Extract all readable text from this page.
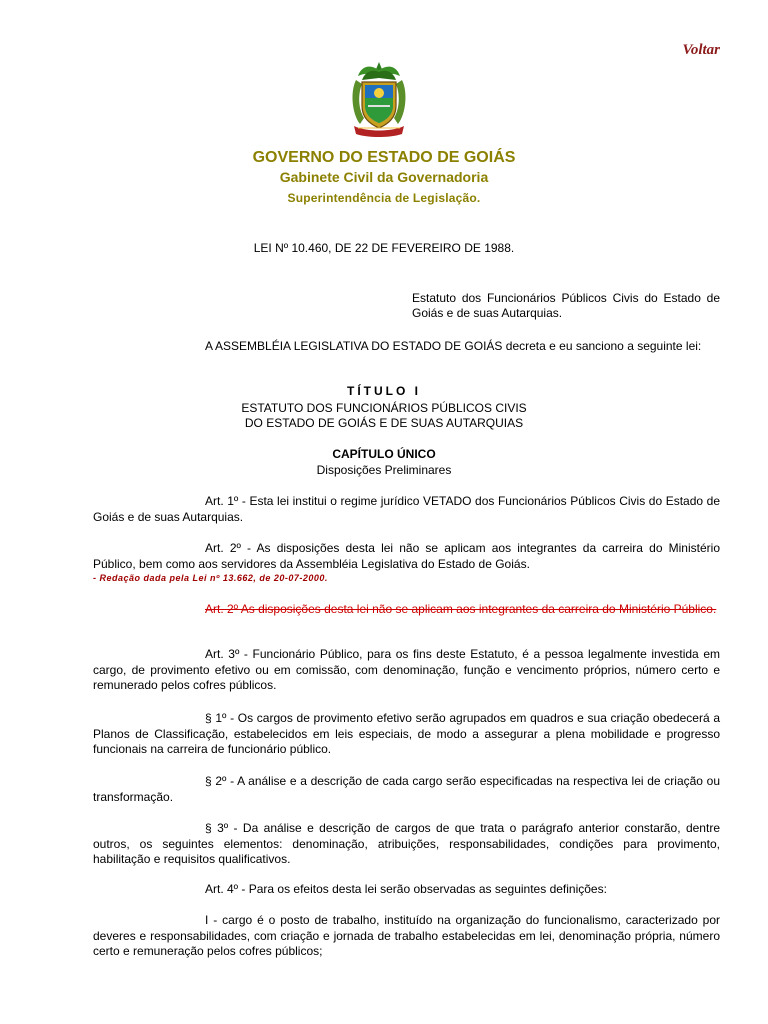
Voltar
GOVERNO DO ESTADO DE GOIÁS
Gabinete Civil da Governadoria
Superintendência de Legislação.
LEI Nº 10.460, DE 22 DE FEVEREIRO DE 1988.
Estatuto dos Funcionários Públicos Civis do Estado de Goiás e de suas Autarquias.
A ASSEMBLÉIA LEGISLATIVA DO ESTADO DE GOIÁS decreta e eu sanciono a seguinte lei:
TÍTULO I
ESTATUTO DOS FUNCIONÁRIOS PÚBLICOS CIVIS
DO ESTADO DE GOIÁS E DE SUAS AUTARQUIAS
CAPÍTULO ÚNICO
Disposições Preliminares
Art. 1º - Esta lei institui o regime jurídico VETADO dos Funcionários Públicos Civis do Estado de Goiás e de suas Autarquias.
Art. 2º - As disposições desta lei não se aplicam aos integrantes da carreira do Ministério Público, bem como aos servidores da Assembléia Legislativa do Estado de Goiás.
- Redação dada pela Lei nº 13.662, de 20-07-2000.
Art. 2º As disposições desta lei não se aplicam aos integrantes da carreira do Ministério Público.
Art. 3º - Funcionário Público, para os fins deste Estatuto, é a pessoa legalmente investida em cargo, de provimento efetivo ou em comissão, com denominação, função e vencimento próprios, número certo e remunerado pelos cofres públicos.
§ 1º - Os cargos de provimento efetivo serão agrupados em quadros e sua criação obedecerá a Planos de Classificação, estabelecidos em leis especiais, de modo a assegurar a plena mobilidade e progresso funcionais na carreira de funcionário público.
§ 2º - A análise e a descrição de cada cargo serão especificadas na respectiva lei de criação ou transformação.
§ 3º - Da análise e descrição de cargos de que trata o parágrafo anterior constarão, dentre outros, os seguintes elementos: denominação, atribuições, responsabilidades, condições para provimento, habilitação e requisitos qualificativos.
Art. 4º - Para os efeitos desta lei serão observadas as seguintes definições:
I - cargo é o posto de trabalho, instituído na organização do funcionalismo, caracterizado por deveres e responsabilidades, com criação e jornada de trabalho estabelecidas em lei, denominação própria, número certo e remuneração pelos cofres públicos;
